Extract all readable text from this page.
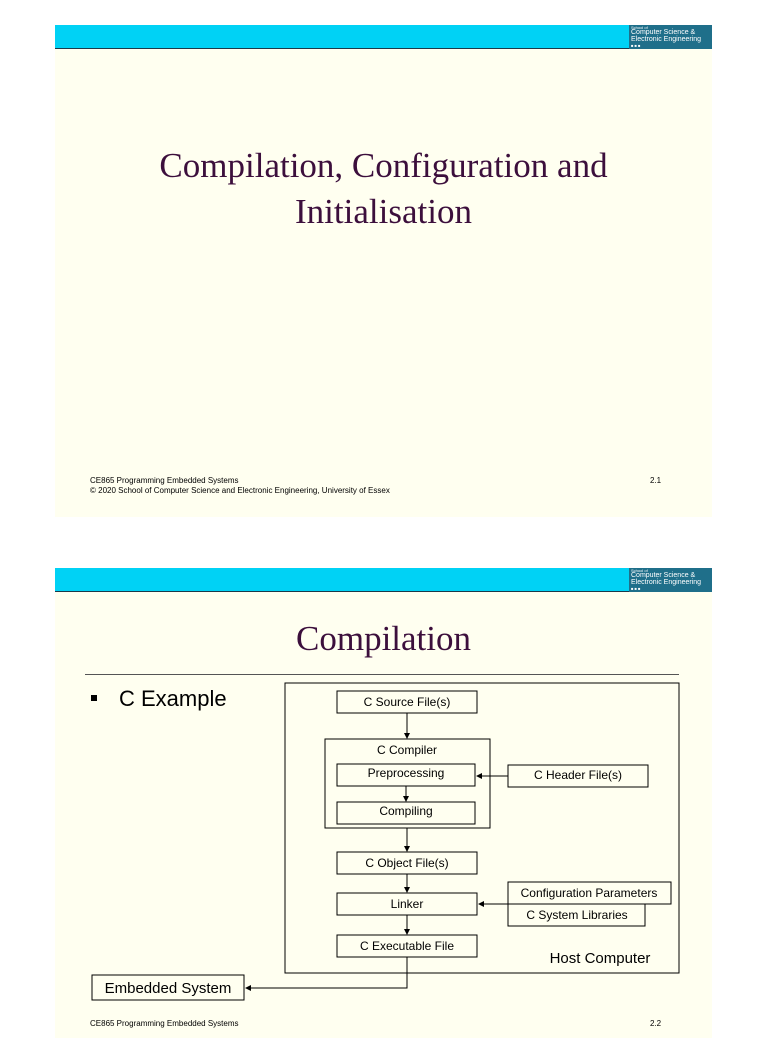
School of
Computer Science &
Electronic Engineering
■ ■ ■
Compilation, Configuration and
Initialisation
CE865 Programming Embedded Systems
© 2020 School of Computer Science and Electronic Engineering, University of Essex
2.1
School of
Computer Science &
Electronic Engineering
■ ■ ■
Compilation
C Example	C Source File(s)
C Compiler
Preprocessing	C Header File(s)
Compiling
C Object File(s)
Linker
Configuration Parameters
C System Libraries
C Executable File
Host Computer
Embedded System
CE865 Programming Embedded Systems	2.2
